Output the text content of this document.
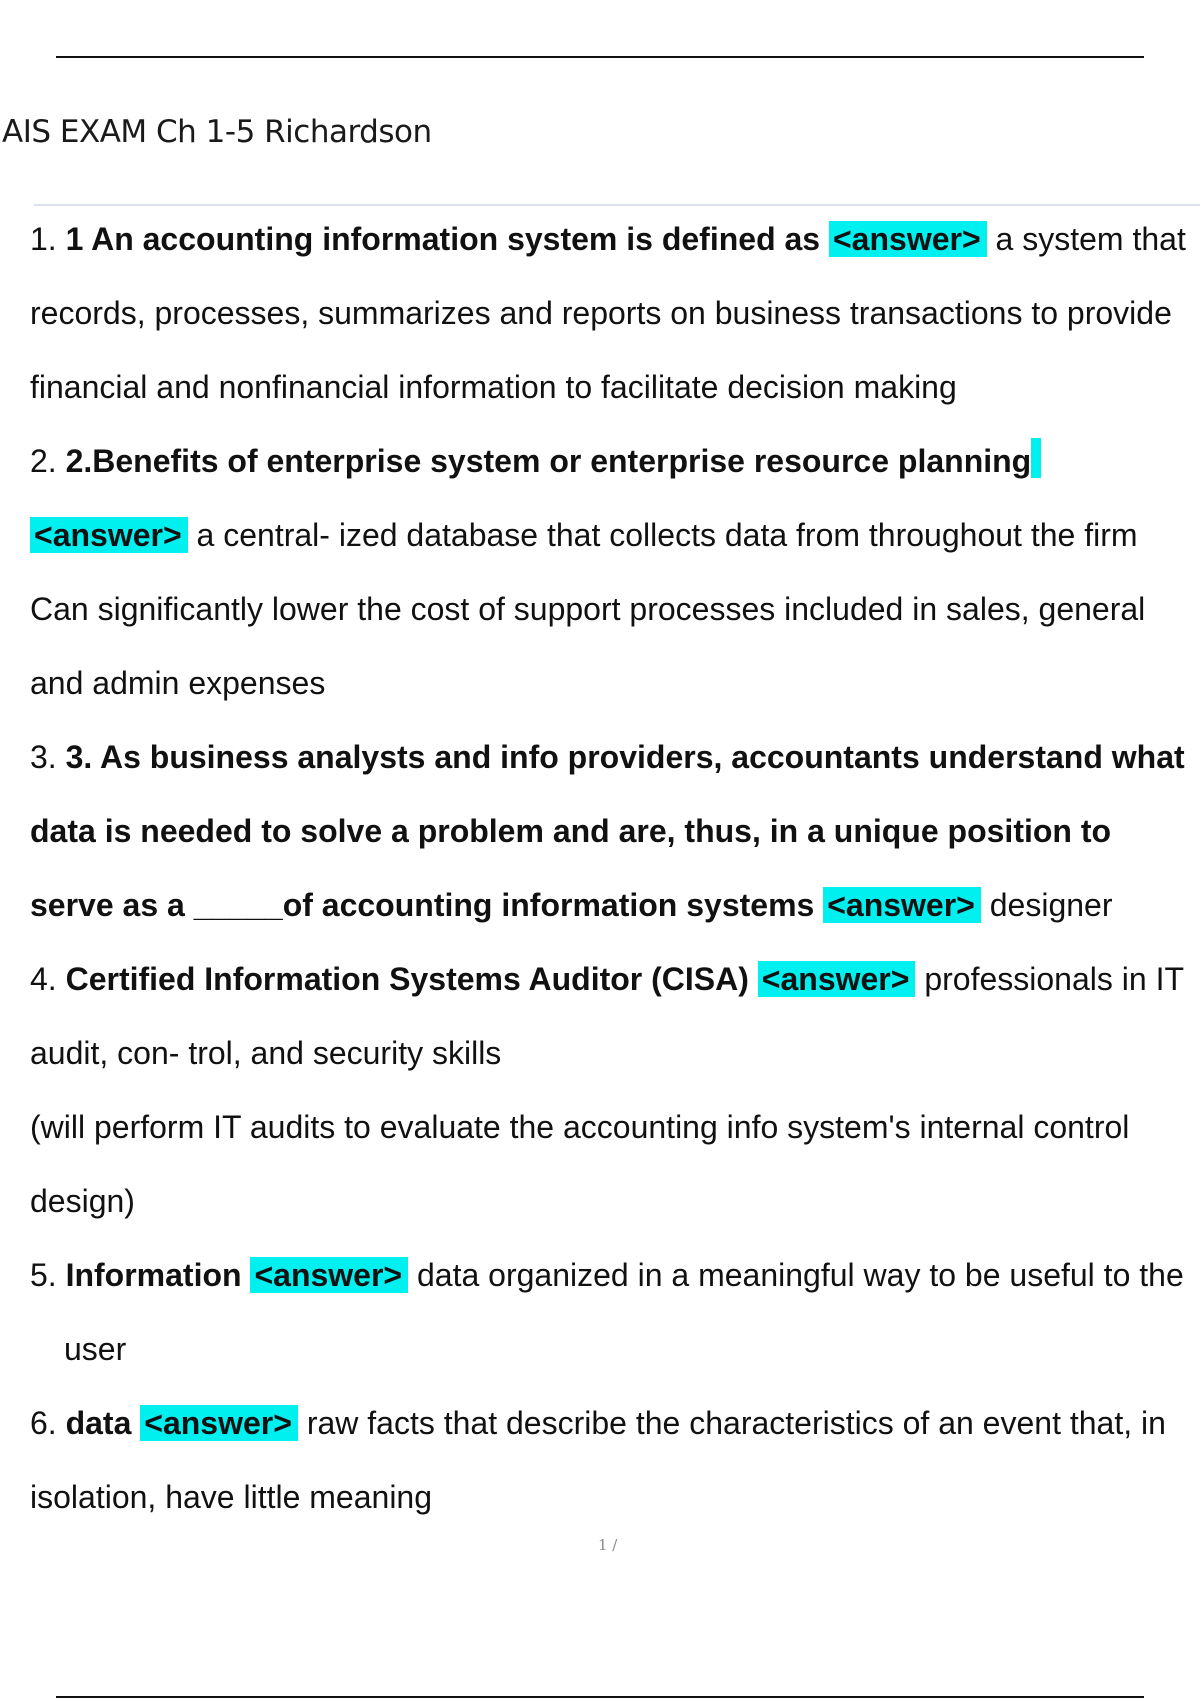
AIS EXAM Ch 1-5 Richardson
1. 1 An accounting information system is defined as <answer> a system that records, processes, summarizes and reports on business transactions to provide financial and nonfinancial information to facilitate decision making
2. 2.Benefits of enterprise system or enterprise resource planning
<answer> a central- ized database that collects data from throughout the firm
Can significantly lower the cost of support processes included in sales, general and admin expenses
3. 3. As business analysts and info providers, accountants understand what data is needed to solve a problem and are, thus, in a unique position to serve as a _____of accounting information systems <answer> designer
4. Certified Information Systems Auditor (CISA) <answer> professionals in IT audit, con- trol, and security skills
(will perform IT audits to evaluate the accounting info system's internal control design)
5. Information <answer> data organized in a meaningful way to be useful to the
user
6. data <answer> raw facts that describe the characteristics of an event that, in isolation, have little meaning
1 /
